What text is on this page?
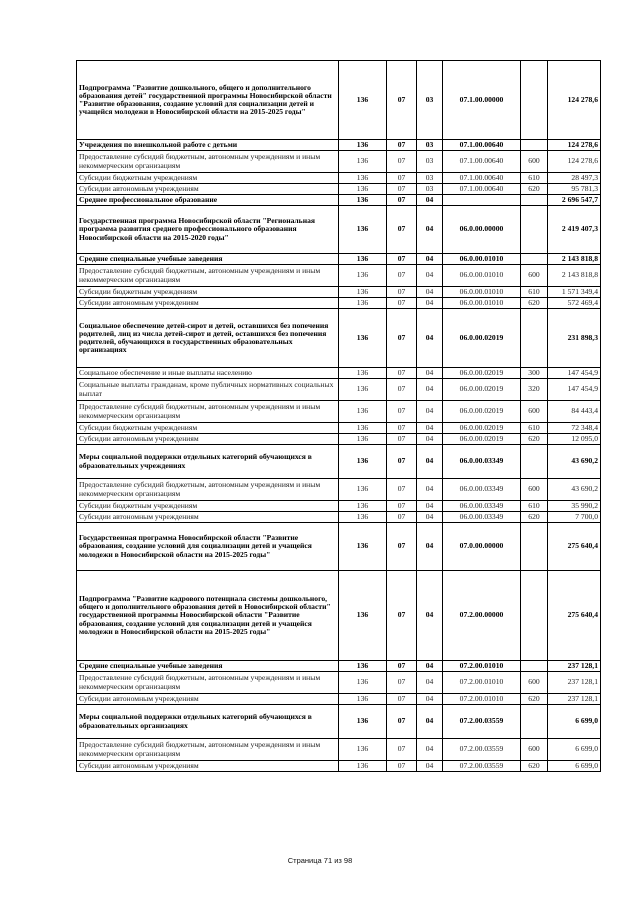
Подпрограмма "Развитие дошкольного, общего и дополнительного образования детей" государственной программы Новосибирской области "Развитие образования, создание условий для социализации детей и учащейся молодежи в Новосибирской области на 2015-2025 годы"	136	07	03	07.1.00.00000		124 278,6
Учреждения по внешкольной работе с детьми	136	07	03	07.1.00.00640		124 278,6
Предоставление субсидий бюджетным, автономным учреждениям и иным некоммерческим организациям	136	07	03	07.1.00.00640	600	124 278,6
Субсидии бюджетным учреждениям	136	07	03	07.1.00.00640	610	28 497,3
Субсидии автономным учреждениям	136	07	03	07.1.00.00640	620	95 781,3
Среднее профессиональное образование	136	07	04			2 696 547,7
Государственная программа Новосибирской области "Региональная программа развития среднего профессионального образования Новосибирской области на 2015-2020 годы"	136	07	04	06.0.00.00000		2 419 407,3
Средние специальные учебные заведения	136	07	04	06.0.00.01010		2 143 818,8
Предоставление субсидий бюджетным, автономным учреждениям и иным некоммерческим организациям	136	07	04	06.0.00.01010	600	2 143 818,8
Субсидии бюджетным учреждениям	136	07	04	06.0.00.01010	610	1 571 349,4
Субсидии автономным учреждениям	136	07	04	06.0.00.01010	620	572 469,4
Социальное обеспечение детей-сирот и детей, оставшихся без попечения родителей, лиц из числа детей-сирот и детей, оставшихся без попечения родителей, обучающихся в государственных образовательных организациях	136	07	04	06.0.00.02019		231 898,3
Социальное обеспечение и иные выплаты населению	136	07	04	06.0.00.02019	300	147 454,9
Социальные выплаты гражданам, кроме публичных нормативных социальных выплат	136	07	04	06.0.00.02019	320	147 454,9
Предоставление субсидий бюджетным, автономным учреждениям и иным некоммерческим организациям	136	07	04	06.0.00.02019	600	84 443,4
Субсидии бюджетным учреждениям	136	07	04	06.0.00.02019	610	72 348,4
Субсидии автономным учреждениям	136	07	04	06.0.00.02019	620	12 095,0
Меры социальной поддержки отдельных категорий обучающихся в образовательных учреждениях	136	07	04	06.0.00.03349		43 690,2
Предоставление субсидий бюджетным, автономным учреждениям и иным некоммерческим организациям	136	07	04	06.0.00.03349	600	43 690,2
Субсидии бюджетным учреждениям	136	07	04	06.0.00.03349	610	35 990,2
Субсидии автономным учреждениям	136	07	04	06.0.00.03349	620	7 700,0
Государственная программа Новосибирской области "Развитие образования, создание условий для социализации детей и учащейся молодежи в Новосибирской области на 2015-2025 годы"	136	07	04	07.0.00.00000		275 640,4
Подпрограмма "Развитие кадрового потенциала системы дошкольного, общего и дополнительного образования детей в Новосибирской области" государственной программы Новосибирской области "Развитие образования, создание условий для социализации детей и учащейся молодежи в Новосибирской области на 2015-2025 годы"	136	07	04	07.2.00.00000		275 640,4
Средние специальные учебные заведения	136	07	04	07.2.00.01010		237 128,1
Предоставление субсидий бюджетным, автономным учреждениям и иным некоммерческим организациям	136	07	04	07.2.00.01010	600	237 128,1
Субсидии автономным учреждениям	136	07	04	07.2.00.01010	620	237 128,1
Меры социальной поддержки отдельных категорий обучающихся в образовательных организациях	136	07	04	07.2.00.03559		6 699,0
Предоставление субсидий бюджетным, автономным учреждениям и иным некоммерческим организациям	136	07	04	07.2.00.03559	600	6 699,0
Субсидии автономным учреждениям	136	07	04	07.2.00.03559	620	6 699,0
Страница 71 из 98
